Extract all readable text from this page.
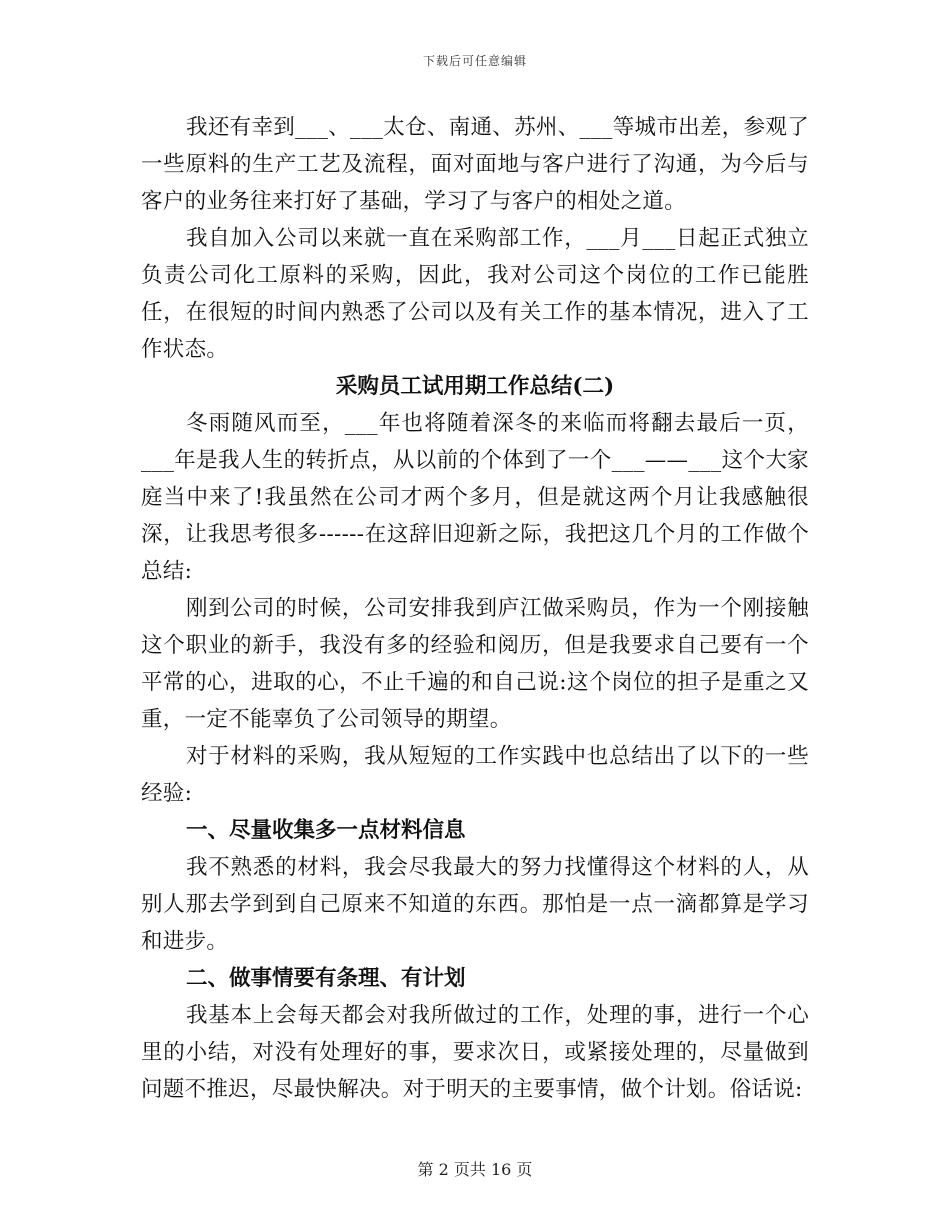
下载后可任意编辑

我还有幸到___、___太仓、南通、苏州、___等城市出差，参观了一些原料的生产工艺及流程，面对面地与客户进行了沟通，为今后与客户的业务往来打好了基础，学习了与客户的相处之道。

我自加入公司以来就一直在采购部工作，___月___日起正式独立负责公司化工原料的采购，因此，我对公司这个岗位的工作已能胜任，在很短的时间内熟悉了公司以及有关工作的基本情况，进入了工作状态。

采购员工试用期工作总结(二)

冬雨随风而至，___年也将随着深冬的来临而将翻去最后一页，___年是我人生的转折点，从以前的个体到了一个___——___这个大家庭当中来了!我虽然在公司才两个多月，但是就这两个月让我感触很深，让我思考很多------在这辞旧迎新之际，我把这几个月的工作做个总结:

刚到公司的时候，公司安排我到庐江做采购员，作为一个刚接触这个职业的新手，我没有多的经验和阅历，但是我要求自己要有一个平常的心，进取的心，不止千遍的和自己说:这个岗位的担子是重之又重，一定不能辜负了公司领导的期望。

对于材料的采购，我从短短的工作实践中也总结出了以下的一些经验:

一、尽量收集多一点材料信息

我不熟悉的材料，我会尽我最大的努力找懂得这个材料的人，从别人那去学到到自己原来不知道的东西。那怕是一点一滴都算是学习和进步。

二、做事情要有条理、有计划

我基本上会每天都会对我所做过的工作，处理的事，进行一个心里的小结，对没有处理好的事，要求次日，或紧接处理的，尽量做到问题不推迟，尽最快解决。对于明天的主要事情，做个计划。俗话说:

第 2 页共 16 页
